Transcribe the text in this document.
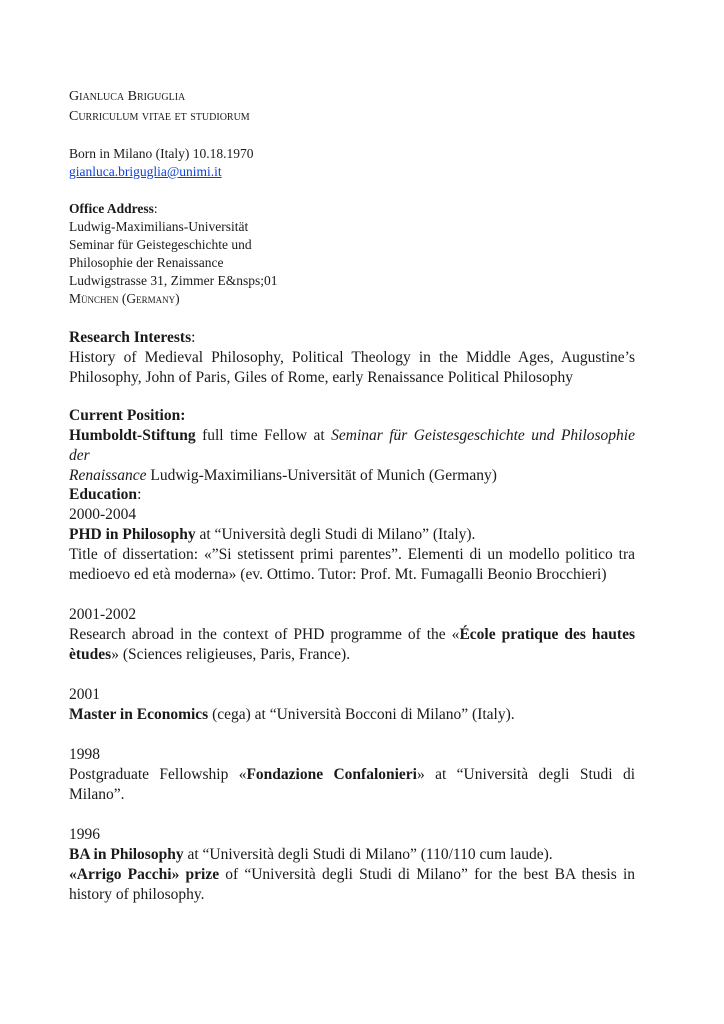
Gianluca Briguglia
Curriculum vitae et studiorum
Born in Milano (Italy) 10.18.1970
gianluca.briguglia@unimi.it
Office Address:
Ludwig-Maximilians-Universität
Seminar für Geistegeschichte und
Philosophie der Renaissance
Ludwigstrasse 31, Zimmer E&nsps;01
München (Germany)
Research Interests:
History of Medieval Philosophy, Political Theology in the Middle Ages, Augustine’s
Philosophy, John of Paris, Giles of Rome, early Renaissance Political Philosophy
Current Position:
Humboldt-Stiftung full time Fellow at Seminar für Geistesgeschichte und Philosophie der
Renaissance Ludwig-Maximilians-Universität of Munich (Germany)
Education:
2000-2004
PHD in Philosophy at “Università degli Studi di Milano” (Italy).
Title of dissertation: «”Si stetissent primi parentes”. Elementi di un modello politico tra
medioevo ed età moderna» (ev. Ottimo. Tutor: Prof. Mt. Fumagalli Beonio Brocchieri)
2001-2002
Research abroad in the context of PHD programme of the «École pratique des hautes
ètudes» (Sciences religieuses, Paris, France).
2001
Master in Economics (cega) at “Università Bocconi di Milano” (Italy).
1998
Postgraduate Fellowship «Fondazione Confalonieri» at “Università degli Studi di
Milano”.
1996
BA in Philosophy at “Università degli Studi di Milano” (110/110 cum laude).
«Arrigo Pacchi» prize of “Università degli Studi di Milano” for the best BA thesis in
history of philosophy.
